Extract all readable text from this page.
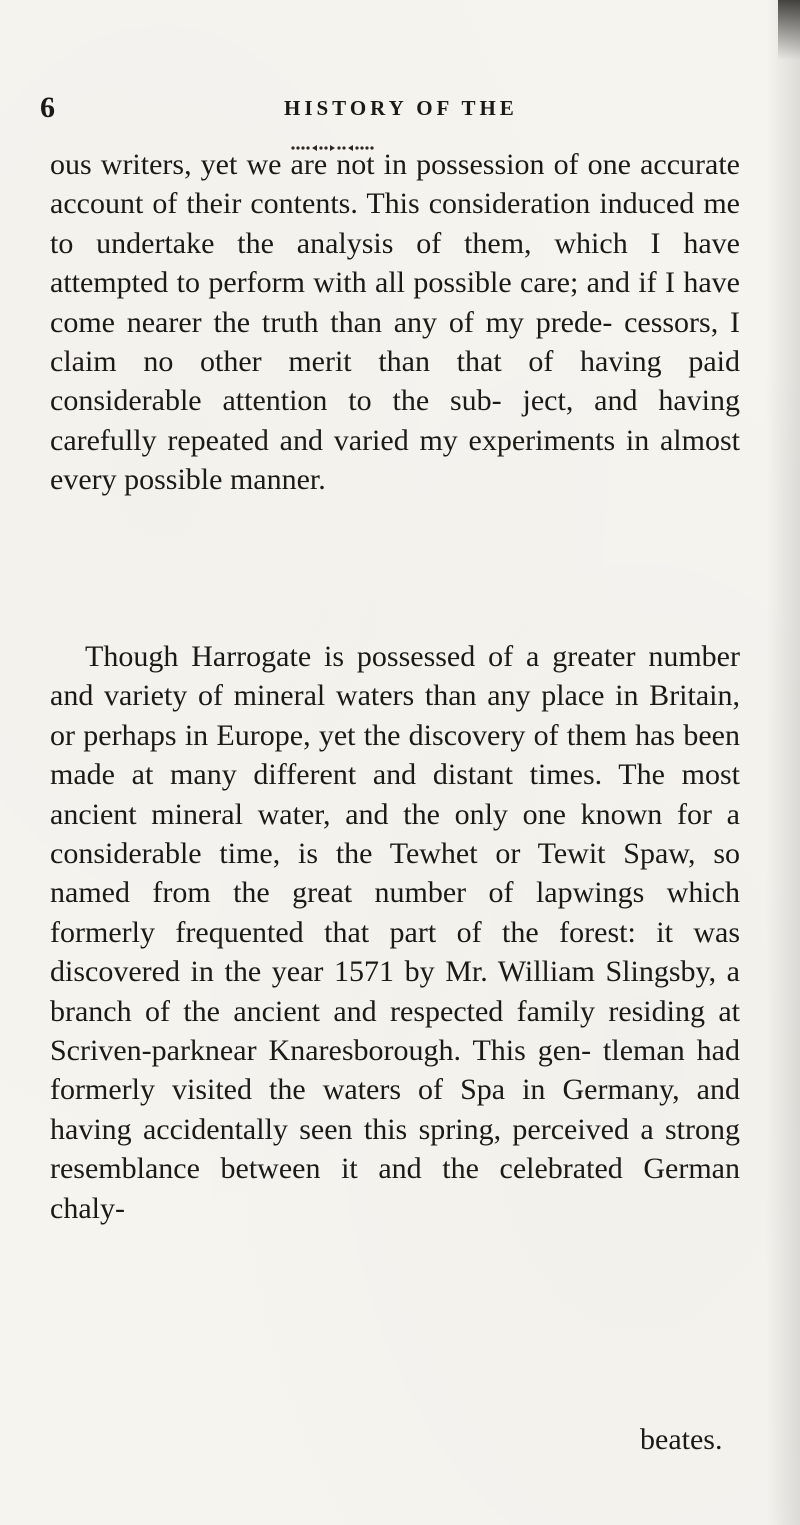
6	HISTORY OF THE

ous writers, yet we are not in possession of one accurate account of their contents. This consideration induced me to undertake the analysis of them, which I have attempted to perform with all possible care; and if I have come nearer the truth than any of my prede- cessors, I claim no other merit than that of having paid considerable attention to the sub- ject, and having carefully repeated and varied my experiments in almost every possible manner.

Though Harrogate is possessed of a greater number and variety of mineral waters than any place in Britain, or perhaps in Europe, yet the discovery of them has been made at many different and distant times. The most ancient mineral water, and the only one known for a considerable time, is the Tewhet or Tewit Spaw, so named from the great number of lapwings which formerly frequented that part of the forest: it was discovered in the year 1571 by Mr. William Slingsby, a branch of the ancient and respected family residing at Scriven-parknear Knaresborough. This gen- tleman had formerly visited the waters of Spa in Germany, and having accidentally seen this spring, perceived a strong resemblance between it and the celebrated German chaly-

beates.
